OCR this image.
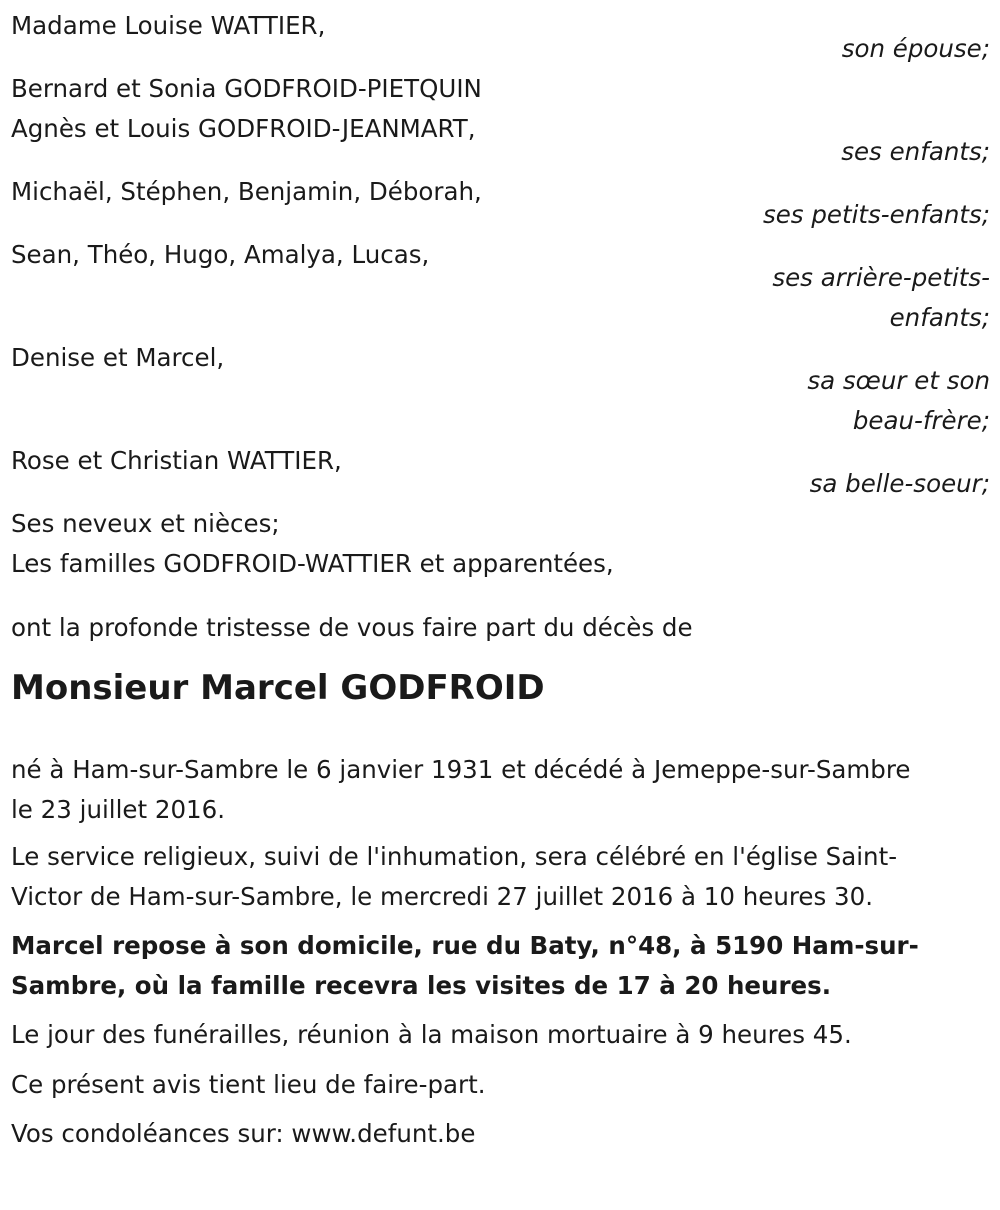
Madame Louise WATTIER,
son épouse;
Bernard et Sonia GODFROID-PIETQUIN
Agnès et Louis GODFROID-JEANMART,
ses enfants;
Michaël, Stéphen, Benjamin, Déborah,
ses petits-enfants;
Sean, Théo, Hugo, Amalya, Lucas,
ses arrière-petits-
enfants;
Denise et Marcel,
sa sœur et son
beau-frère;
Rose et Christian WATTIER,
sa belle-soeur;
Ses neveux et nièces;
Les familles GODFROID-WATTIER et apparentées,
ont la profonde tristesse de vous faire part du décès de
Monsieur Marcel GODFROID
né à Ham-sur-Sambre le 6 janvier 1931 et décédé à Jemeppe-sur-Sambre
le 23 juillet 2016.
Le service religieux, suivi de l'inhumation, sera célébré en l'église Saint-
Victor de Ham-sur-Sambre, le mercredi 27 juillet 2016 à 10 heures 30.
Marcel repose à son domicile, rue du Baty, n°48, à 5190 Ham-sur-
Sambre, où la famille recevra les visites de 17 à 20 heures.
Le jour des funérailles, réunion à la maison mortuaire à 9 heures 45.
Ce présent avis tient lieu de faire-part.
Vos condoléances sur: www.defunt.be
